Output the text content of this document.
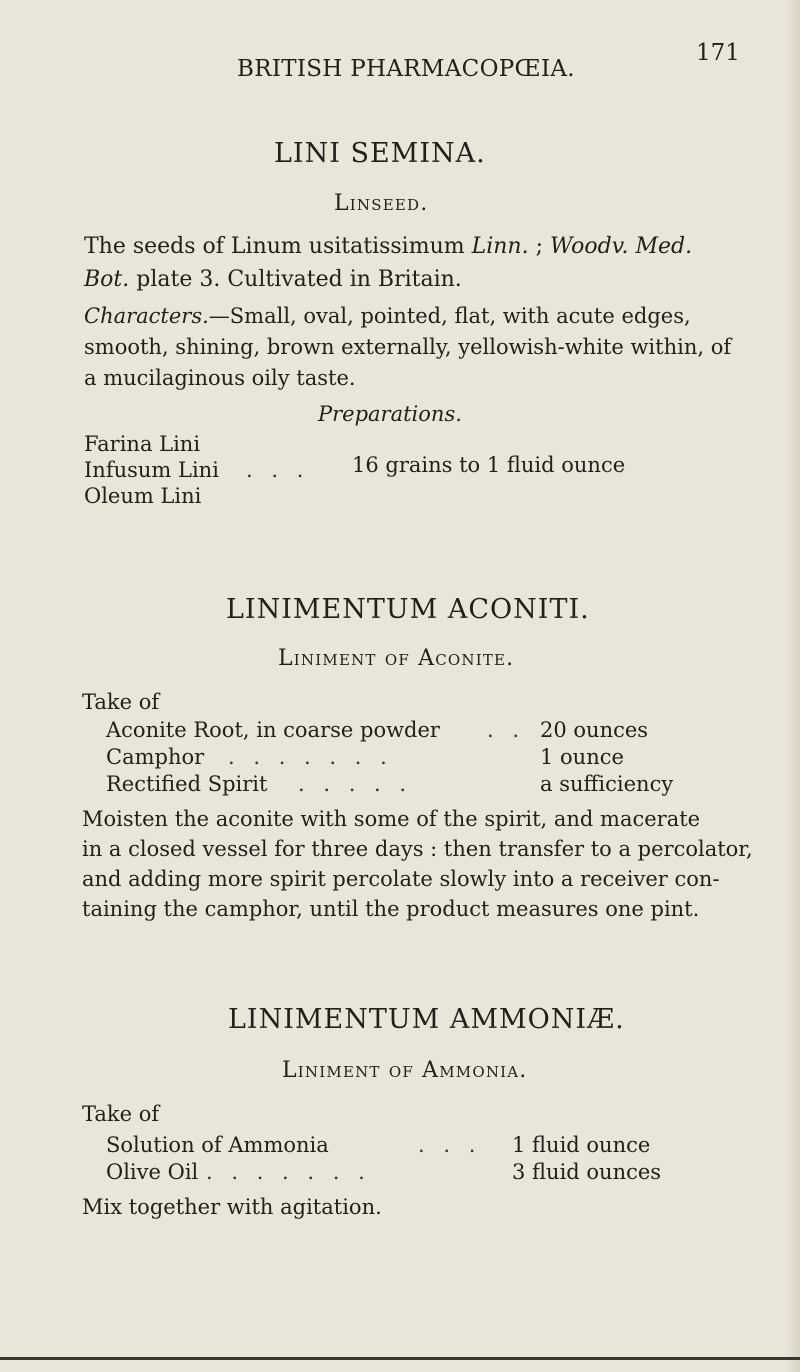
BRITISH PHARMACOPŒIA.
171
LINI SEMINA.
Linseed.
The seeds of Linum usitatissimum Linn. ; Woodv. Med.
Bot. plate 3. Cultivated in Britain.
Characters.—Small, oval, pointed, flat, with acute edges,
smooth, shining, brown externally, yellowish-white within, of
a mucilaginous oily taste.
Preparations.
Farina Lini
Infusum Lini . . . 16 grains to 1 fluid ounce
Oleum Lini
LINIMENTUM ACONITI.
Liniment of Aconite.
Take of
Aconite Root, in coarse powder . . 20 ounces
Camphor . . . . . . .	1 ounce
Rectified Spirit . . . . .	a sufficiency
Moisten the aconite with some of the spirit, and macerate
in a closed vessel for three days : then transfer to a percolator,
and adding more spirit percolate slowly into a receiver con-
taining the camphor, until the product measures one pint.
LINIMENTUM AMMONIÆ.
Liniment of Ammonia.
Take of
Solution of Ammonia	. . . 1 fluid ounce
Olive Oil . . . . . . .	3 fluid ounces
Mix together with agitation.
